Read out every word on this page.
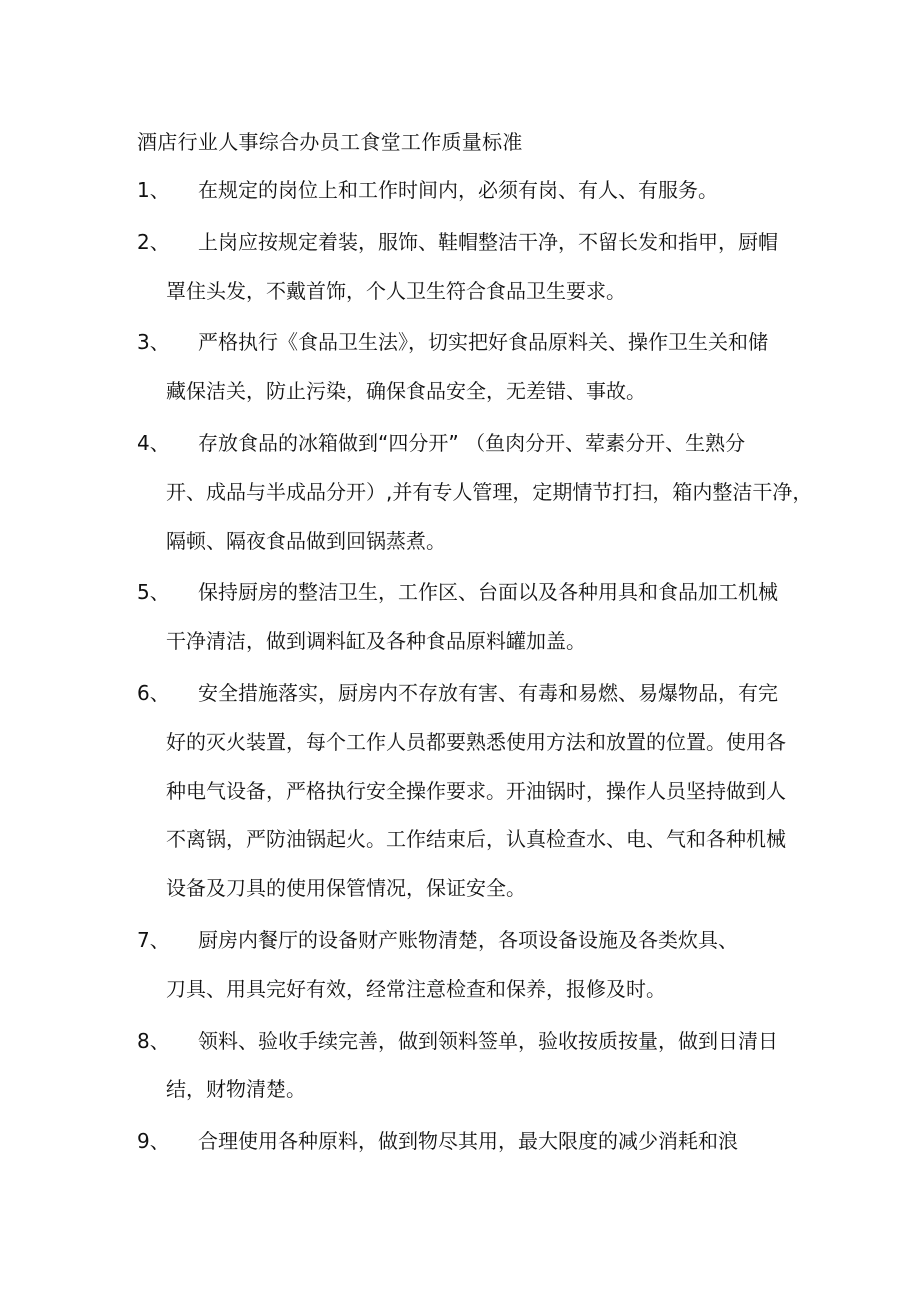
酒店行业人事综合办员工食堂工作质量标准
1、	在规定的岗位上和工作时间内，必须有岗、有人、有服务。
2、	上岗应按规定着装，服饰、鞋帽整洁干净，不留长发和指甲，厨帽
罩住头发，不戴首饰，个人卫生符合食品卫生要求。
3、	严格执行《食品卫生法》，切实把好食品原料关、操作卫生关和储
藏保洁关，防止污染，确保食品安全，无差错、事故。
4、	存放食品的冰箱做到“四分开” （鱼肉分开、荤素分开、生熟分
开、成品与半成品分开）,并有专人管理，定期情节打扫，箱内整洁干净，
隔顿、隔夜食品做到回锅蒸煮。
5、	保持厨房的整洁卫生，工作区、台面以及各种用具和食品加工机械
干净清洁，做到调料缸及各种食品原料罐加盖。
6、	安全措施落实，厨房内不存放有害、有毒和易燃、易爆物品，有完
好的灭火装置，每个工作人员都要熟悉使用方法和放置的位置。使用各
种电气设备，严格执行安全操作要求。开油锅时，操作人员坚持做到人
不离锅，严防油锅起火。工作结束后，认真检查水、电、气和各种机械
设备及刀具的使用保管情况，保证安全。
7、	厨房内餐厅的设备财产账物清楚，各项设备设施及各类炊具、
刀具、用具完好有效，经常注意检查和保养，报修及时。
8、	领料、验收手续完善，做到领料签单，验收按质按量，做到日清日
结，财物清楚。
9、	合理使用各种原料，做到物尽其用，最大限度的减少消耗和浪
